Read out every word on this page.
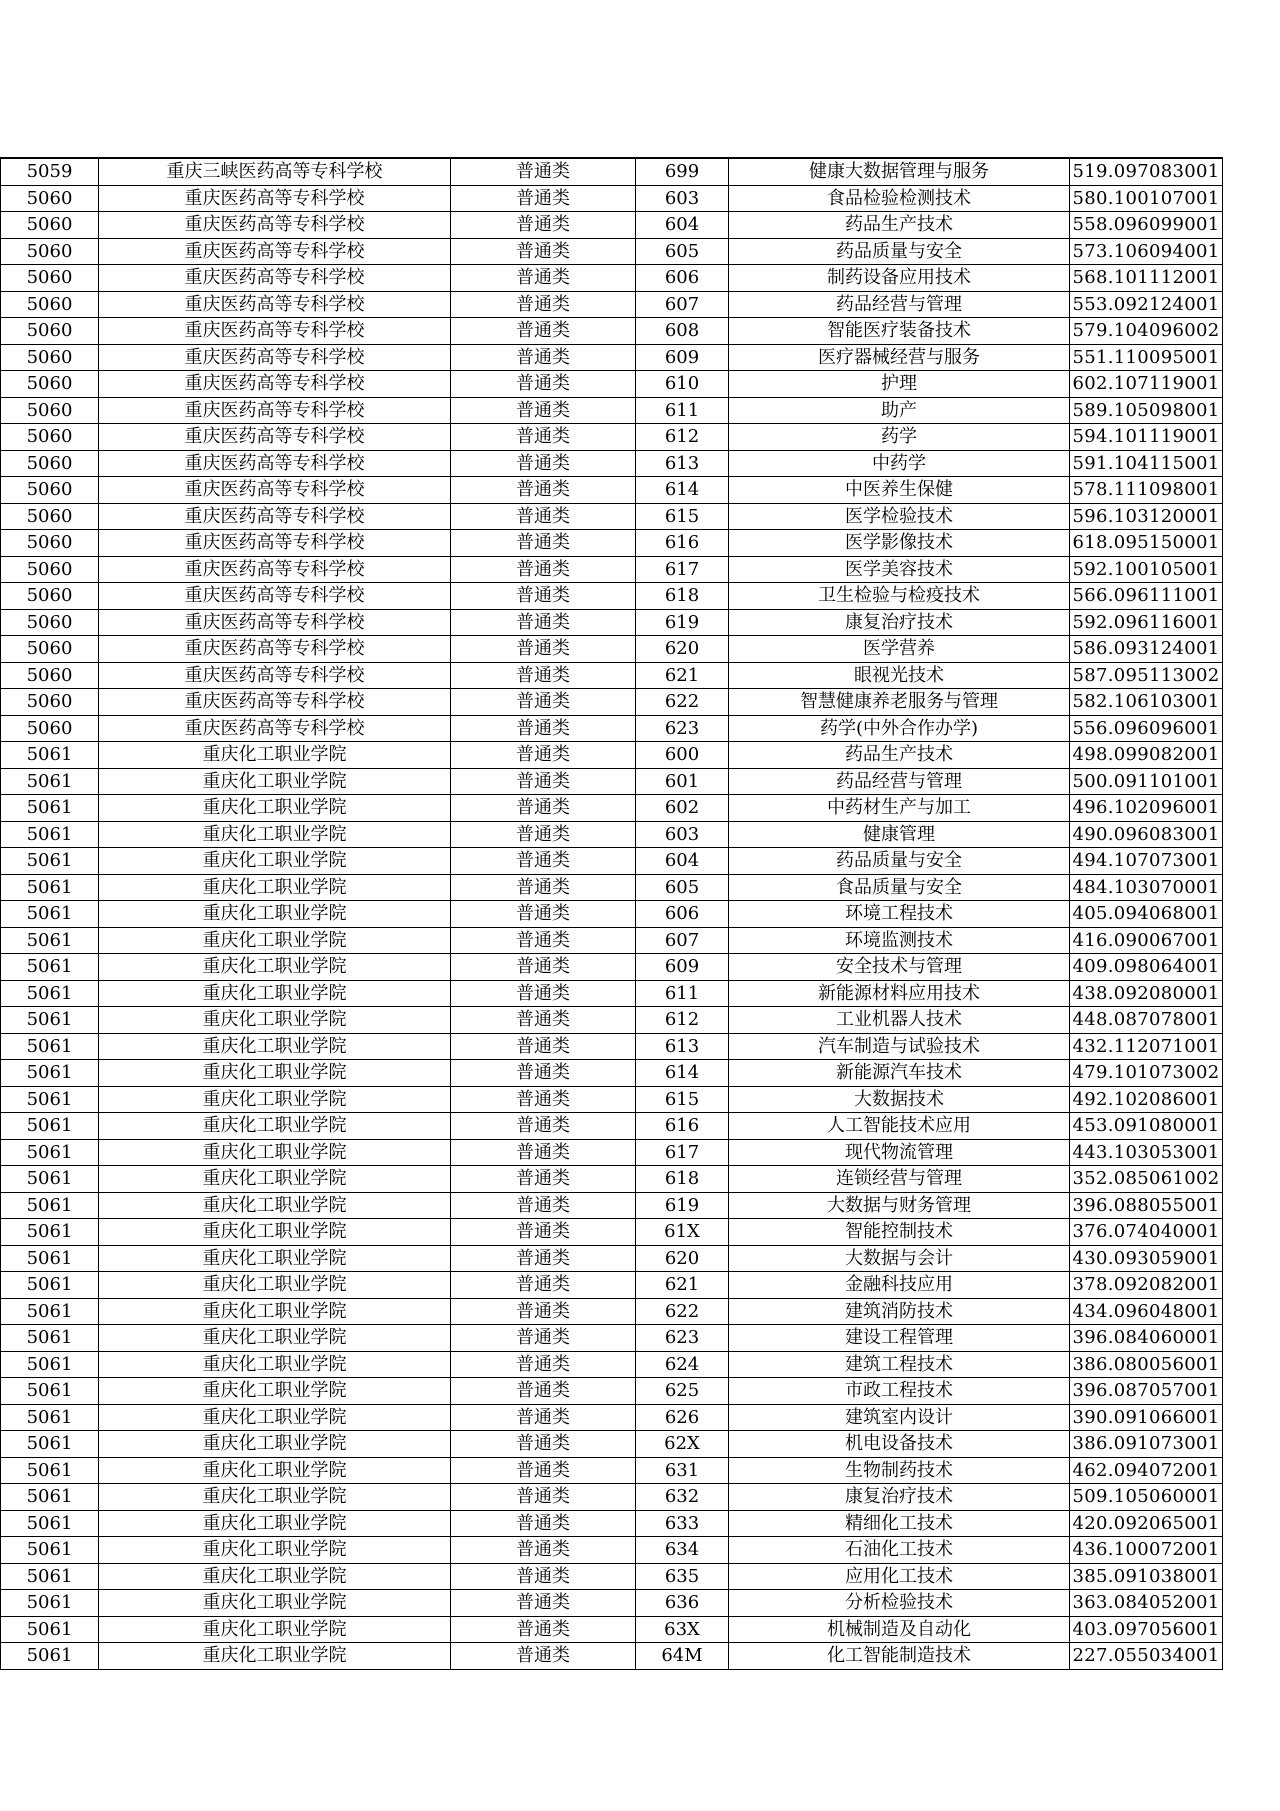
5059	重庆三峡医药高等专科学校	普通类	699	健康大数据管理与服务	519.097083001
5060	重庆医药高等专科学校	普通类	603	食品检验检测技术	580.100107001
5060	重庆医药高等专科学校	普通类	604	药品生产技术	558.096099001
5060	重庆医药高等专科学校	普通类	605	药品质量与安全	573.106094001
5060	重庆医药高等专科学校	普通类	606	制药设备应用技术	568.101112001
5060	重庆医药高等专科学校	普通类	607	药品经营与管理	553.092124001
5060	重庆医药高等专科学校	普通类	608	智能医疗装备技术	579.104096002
5060	重庆医药高等专科学校	普通类	609	医疗器械经营与服务	551.110095001
5060	重庆医药高等专科学校	普通类	610	护理	602.107119001
5060	重庆医药高等专科学校	普通类	611	助产	589.105098001
5060	重庆医药高等专科学校	普通类	612	药学	594.101119001
5060	重庆医药高等专科学校	普通类	613	中药学	591.104115001
5060	重庆医药高等专科学校	普通类	614	中医养生保健	578.111098001
5060	重庆医药高等专科学校	普通类	615	医学检验技术	596.103120001
5060	重庆医药高等专科学校	普通类	616	医学影像技术	618.095150001
5060	重庆医药高等专科学校	普通类	617	医学美容技术	592.100105001
5060	重庆医药高等专科学校	普通类	618	卫生检验与检疫技术	566.096111001
5060	重庆医药高等专科学校	普通类	619	康复治疗技术	592.096116001
5060	重庆医药高等专科学校	普通类	620	医学营养	586.093124001
5060	重庆医药高等专科学校	普通类	621	眼视光技术	587.095113002
5060	重庆医药高等专科学校	普通类	622	智慧健康养老服务与管理	582.106103001
5060	重庆医药高等专科学校	普通类	623	药学(中外合作办学)	556.096096001
5061	重庆化工职业学院	普通类	600	药品生产技术	498.099082001
5061	重庆化工职业学院	普通类	601	药品经营与管理	500.091101001
5061	重庆化工职业学院	普通类	602	中药材生产与加工	496.102096001
5061	重庆化工职业学院	普通类	603	健康管理	490.096083001
5061	重庆化工职业学院	普通类	604	药品质量与安全	494.107073001
5061	重庆化工职业学院	普通类	605	食品质量与安全	484.103070001
5061	重庆化工职业学院	普通类	606	环境工程技术	405.094068001
5061	重庆化工职业学院	普通类	607	环境监测技术	416.090067001
5061	重庆化工职业学院	普通类	609	安全技术与管理	409.098064001
5061	重庆化工职业学院	普通类	611	新能源材料应用技术	438.092080001
5061	重庆化工职业学院	普通类	612	工业机器人技术	448.087078001
5061	重庆化工职业学院	普通类	613	汽车制造与试验技术	432.112071001
5061	重庆化工职业学院	普通类	614	新能源汽车技术	479.101073002
5061	重庆化工职业学院	普通类	615	大数据技术	492.102086001
5061	重庆化工职业学院	普通类	616	人工智能技术应用	453.091080001
5061	重庆化工职业学院	普通类	617	现代物流管理	443.103053001
5061	重庆化工职业学院	普通类	618	连锁经营与管理	352.085061002
5061	重庆化工职业学院	普通类	619	大数据与财务管理	396.088055001
5061	重庆化工职业学院	普通类	61X	智能控制技术	376.074040001
5061	重庆化工职业学院	普通类	620	大数据与会计	430.093059001
5061	重庆化工职业学院	普通类	621	金融科技应用	378.092082001
5061	重庆化工职业学院	普通类	622	建筑消防技术	434.096048001
5061	重庆化工职业学院	普通类	623	建设工程管理	396.084060001
5061	重庆化工职业学院	普通类	624	建筑工程技术	386.080056001
5061	重庆化工职业学院	普通类	625	市政工程技术	396.087057001
5061	重庆化工职业学院	普通类	626	建筑室内设计	390.091066001
5061	重庆化工职业学院	普通类	62X	机电设备技术	386.091073001
5061	重庆化工职业学院	普通类	631	生物制药技术	462.094072001
5061	重庆化工职业学院	普通类	632	康复治疗技术	509.105060001
5061	重庆化工职业学院	普通类	633	精细化工技术	420.092065001
5061	重庆化工职业学院	普通类	634	石油化工技术	436.100072001
5061	重庆化工职业学院	普通类	635	应用化工技术	385.091038001
5061	重庆化工职业学院	普通类	636	分析检验技术	363.084052001
5061	重庆化工职业学院	普通类	63X	机械制造及自动化	403.097056001
5061	重庆化工职业学院	普通类	64M	化工智能制造技术	227.055034001
